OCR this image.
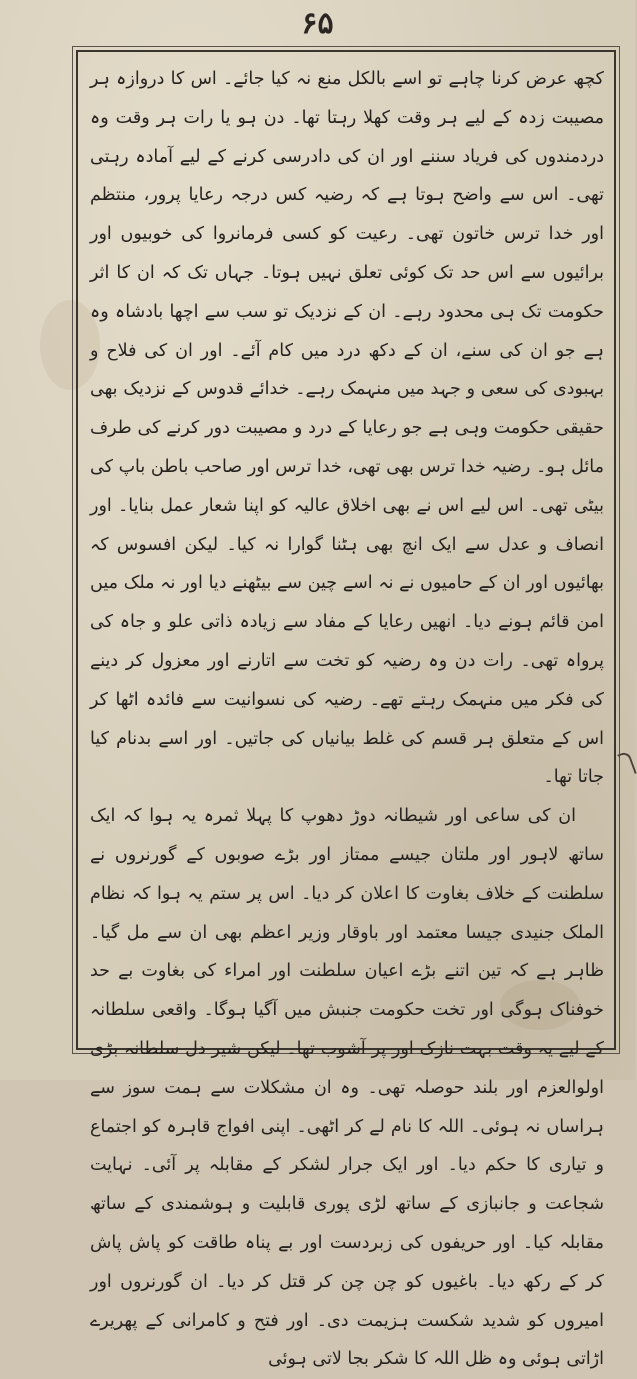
۶۵

کچھ عرض کرنا چاہے تو اسے بالکل منع نہ کیا جائے۔ اس کا دروازہ ہر مصیبت زدہ کے لیے ہر وقت کھلا رہتا تھا۔ دن ہو یا رات ہر وقت وہ دردمندوں کی فریاد سننے اور ان کی دادرسی کرنے کے لیے آمادہ رہتی تھی۔ اس سے واضح ہوتا ہے کہ رضیہ کس درجہ رعایا پرور، منتظم اور خدا ترس خاتون تھی۔ رعیت کو کسی فرمانروا کی خوبیوں اور برائیوں سے اس حد تک کوئی تعلق نہیں ہوتا۔ جہاں تک کہ ان کا اثر حکومت تک ہی محدود رہے۔ ان کے نزدیک تو سب سے اچھا بادشاہ وہ ہے جو ان کی سنے، ان کے دکھ درد میں کام آئے۔ اور ان کی فلاح و بہبودی کی سعی و جہد میں منہمک رہے۔ خدائے قدوس کے نزدیک بھی حقیقی حکومت وہی ہے جو رعایا کے درد و مصیبت دور کرنے کی طرف مائل ہو۔ رضیہ خدا ترس بھی تھی، خدا ترس اور صاحب باطن باپ کی بیٹی تھی۔ اس لیے اس نے بھی اخلاق عالیہ کو اپنا شعار عمل بنایا۔ اور انصاف و عدل سے ایک انچ بھی ہٹنا گوارا نہ کیا۔ لیکن افسوس کہ بھائیوں اور ان کے حامیوں نے نہ اسے چین سے بیٹھنے دیا اور نہ ملک میں امن قائم ہونے دیا۔ انھیں رعایا کے مفاد سے زیادہ ذاتی علو و جاہ کی پرواہ تھی۔ رات دن وہ رضیہ کو تخت سے اتارنے اور معزول کر دینے کی فکر میں منہمک رہتے تھے۔ رضیہ کی نسوانیت سے فائدہ اٹھا کر اس کے متعلق ہر قسم کی غلط بیانیاں کی جاتیں۔ اور اسے بدنام کیا جاتا تھا۔

ان کی ساعی اور شیطانہ دوڑ دھوپ کا پہلا ثمرہ یہ ہوا کہ ایک ساتھ لاہور اور ملتان جیسے ممتاز اور بڑے صوبوں کے گورنروں نے سلطنت کے خلاف بغاوت کا اعلان کر دیا۔ اس پر ستم یہ ہوا کہ نظام الملک جنیدی جیسا معتمد اور باوقار وزیر اعظم بھی ان سے مل گیا۔ ظاہر ہے کہ تین اتنے بڑے اعیان سلطنت اور امراء کی بغاوت بے حد خوفناک ہوگی اور تخت حکومت جنبش میں آگیا ہوگا۔ واقعی سلطانہ کے لیے یہ وقت بہت نازک اور پر آشوب تھا۔ لیکن شیر دل سلطانہ بڑی اولوالعزم اور بلند حوصلہ تھی۔ وہ ان مشکلات سے ہمت سوز سے ہراساں نہ ہوئی۔ اللہ کا نام لے کر اٹھی۔ اپنی افواج قاہرہ کو اجتماع و تیاری کا حکم دیا۔ اور ایک جرار لشکر کے مقابلہ پر آئی۔ نہایت شجاعت و جانبازی کے ساتھ لڑی پوری قابلیت و ہوشمندی کے ساتھ مقابلہ کیا۔ اور حریفوں کی زبردست اور بے پناہ طاقت کو پاش پاش کر کے رکھ دیا۔ باغیوں کو چن چن کر قتل کر دیا۔ ان گورنروں اور امیروں کو شدید شکست ہزیمت دی۔ اور فتح و کامرانی کے پھریرے اڑاتی ہوئی وہ ظل اللہ کا شکر بجا لاتی ہوئی
